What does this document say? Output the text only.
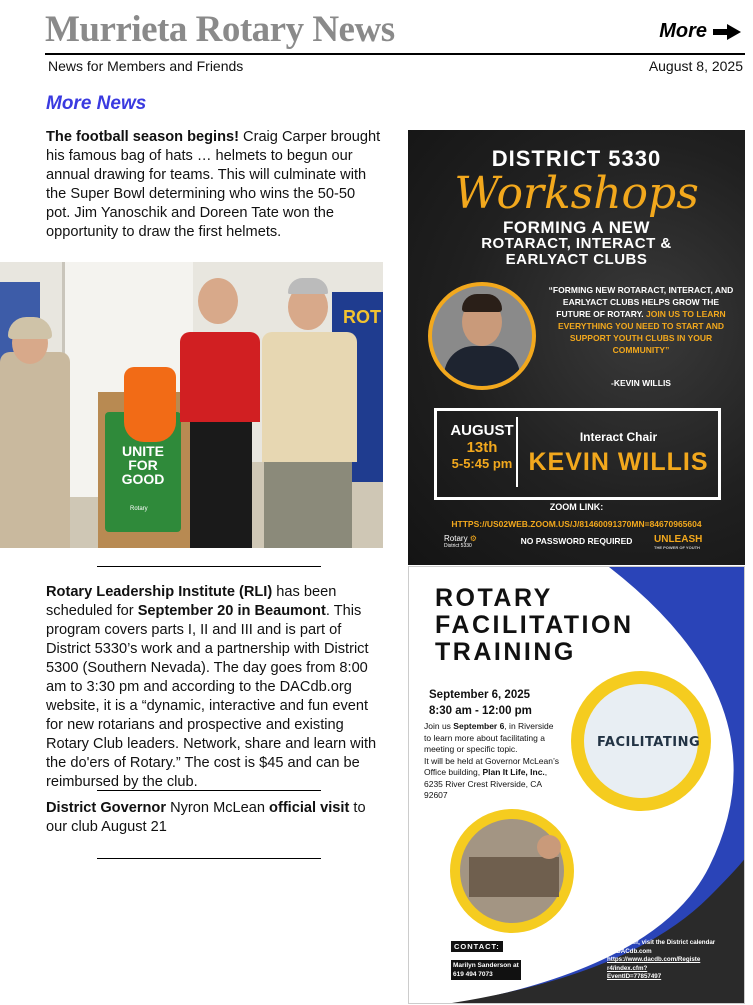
Murrieta Rotary News	More
News for Members and Friends	August 8, 2025
More News
The football season begins! Craig Carper brought his famous bag of hats … helmets to begun our annual drawing for teams. This will culminate with the Super Bowl determining who wins the 50-50 pot. Jim Yanoschik and Doreen Tate won the opportunity to draw the first helmets.
ROT
UNITE FOR GOOD
Rotary
Rotary Leadership Institute (RLI) has been scheduled for September 20 in Beaumont. This program covers parts I, II and III and is part of District 5330’s work and a partnership with District 5300 (Southern Nevada). The day goes from 8:00 am to 3:30 pm and according to the DACdb.org website, it is a “dynamic, interactive and fun event for new rotarians and prospective and existing Rotary Club leaders. Network, share and learn with the do'ers of Rotary.” The cost is $45 and can be reimbursed by the club.
District Governor Nyron McLean official visit to our club August 21
DISTRICT 5330
Workshops
FORMING A NEW
ROTARACT, INTERACT &
EARLYACT CLUBS
“FORMING NEW ROTARACT, INTERACT, AND EARLYACT CLUBS HELPS GROW THE FUTURE OF ROTARY. JOIN US TO LEARN EVERYTHING YOU NEED TO START AND SUPPORT YOUTH CLUBS IN YOUR COMMUNITY”
-KEVIN WILLIS
AUGUST
13th
5-5:45 pm
Interact Chair
KEVIN WILLIS
ZOOM LINK:
HTTPS://US02WEB.ZOOM.US/J/81460091370MN=84670965604
NO PASSWORD REQUIRED
Rotary ⚙
District 5330
UNLEASH
THE POWER OF YOUTH
FACILITATING
ROTARY
FACILITATION
TRAINING
September 6, 2025
8:30 am - 12:00 pm
Join us September 6, in Riverside to learn more about facilitating a meeting or specific topic.
It will be held at Governor McLean’s Office building, Plan It Life, Inc., 6235 River Crest Riverside, CA 92607
CONTACT:
Marilyn Sanderson at
619 494 7073
To register, visit the District calendar on DACdb.com
https://www.dacdb.com/Registe r4/index.cfm?
EventID=77857497
